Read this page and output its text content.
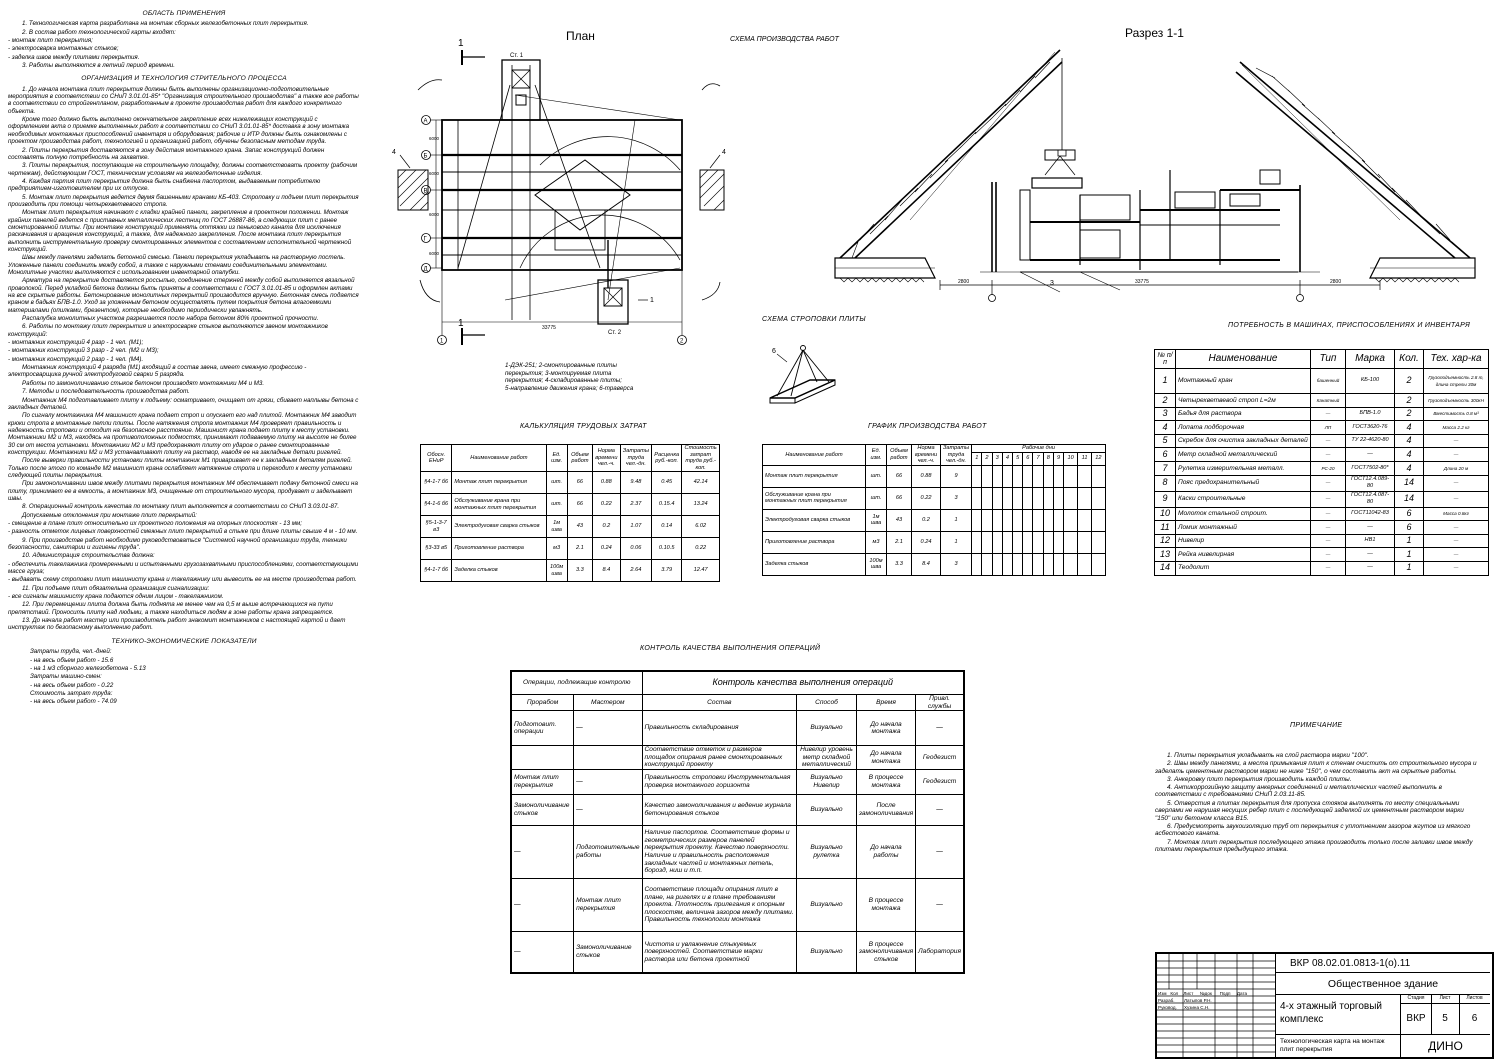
ОБЛАСТЬ ПРИМЕНЕНИЯ
1. Технологическая карта разработана на монтаж сборных железобетонных плит перекрытия.
2. В состав работ технологической карты входят:
- монтаж плит перекрытия;
- электросварка монтажных стыков;
- заделка швов между плитами перекрытия.
3. Работы выполняются в летний период времени.
ОРГАНИЗАЦИЯ И ТЕХНОЛОГИЯ СТРИТЕЛЬНОГО ПРОЦЕССА
1. До начала монтажа плит перекрытия должны быть выполнены организационно-подготовительные мероприятия в соответствии со СНиП 3.01.01-85* "Организация строительного производства" а также все работы в соответствии со стройгенпланом, разработанным в проекте производства работ для каждого конкретного объекта.
Кроме того должно быть выполнено окончательное закрепление всех нижележащих конструкций с оформлением акта о приемке выполненных работ в соответствии со СНиП 3.01.01-85* доставка в зону монтажа необходимых монтажных приспособлений инвентаря и оборудования; рабочие и ИТР должны быть ознакомлены с проектом производства работ, технологией и организацией работ, обучены безопасным методам труда.
2. Плиты перекрытия доставляются в зону действия монтажного крана. Запас конструкций должен составлять полную потребность на захватке.
3. Плиты перекрытия, поступающие на строительную площадку, должны соответствовать проекту (рабочим чертежам), действующим ГОСТ, техническим условиям на железобетонные изделия.
4. Каждая партия плит перекрытия должна быть снабжена паспортом, выдаваемым потребителю предприятием-изготовителем при их отпуске.
5. Монтаж плит перекрытия ведется двумя башенными кранами КБ-403. Строповку и подъем плит перекрытия производить при помощи четырехветвевого стропа.
Монтаж плит перекрытия начинают с кладки крайней панели, закрепление в проектном положении. Монтаж крайних панелей ведется с приставных металлических лестниц по ГОСТ 26887-86, а следующих плит с ранее смонтированной плиты. При монтаже конструкций применять оттяжки из пенькового каната для исключения раскачивания и вращения конструкций, а также, для надежного закрепления. После монтажа плит перекрытия выполнить инструментальную проверку смонтированных элементов с составлением исполнительной чертежной конструкций.
Швы между панелями заделать бетонной смесью. Панели перекрытия укладывать на растворную постель. Уложенные панели соединить между собой, а также с наружными стенами соединительными элементами. Монолитные участки выполняются с использованием инвентарной опалубки.
Арматура на перекрытие доставляется россыпью, соединение стержней между собой выполняется вязальной проволокой. Перед укладкой бетона должны быть приняты в соответствии с ГОСТ 3.01.01-85 и оформлен актами на все скрытые работы. Бетонирование монолитных перекрытий производится вручную. Бетонная смесь подается краном в бадьях БПВ-1.0. Уход за уложенным бетоном осуществлять путем покрытия бетона влагоемкими материалами (опилками, брезентом), которые необходимо периодически увлажнять.
Распалубка монолитных участков разрешается после набора бетоном 80% проектной прочности.
6. Работы по монтажу плит перекрытия и электросварке стыков выполняются звеном монтажников конструкций:
- монтажник конструкций 4 разр - 1 чел. (М1);
- монтажник конструкций 3 разр - 2 чел. (М2 и М3);
- монтажник конструкций 2 разр - 1 чел. (М4).
Монтажник конструкций 4 разряда (М1) входящий в состав звена, имеет смежную профессию - электросварщика ручной электродуговой сварки 5 разряда.
Работы по замоноличиванию стыков бетоном производят монтажники М4 и М3.
7. Методы и последовательность производства работ.
Монтажник М4 подготавливает плиту к подъему: осматривает, очищает от грязи, сбивает наплывы бетона с закладных деталей.
По сигналу монтажника М4 машинист крана подает строп и опускает его над плитой. Монтажник М4 заводит крюки стропа в монтажные петли плиты. После натяжения стропа монтажник М4 проверяет правильность и надежность строповки и отходит на безопасное расстояние. Машинист крана подает плиту к месту установки. Монтажники М2 и М3, находясь на противоположных подмостях, принимают подаваемую плиту на высоте не более 30 см от места установки. Монтажники М2 и М3 предохраняют плиту от ударов о ранее смонтированные конструкции. Монтажники М2 и М3 устанавливают плиту на раствор, наводя ее на закладные детали ригелей.
После выверки правильности установки плиты монтажник М1 приваривает ее к закладным деталям ригелей. Только после этого по команде М2 машинист крана ослабляет натяжение стропа и переходит к месту установки следующей плиты перекрытия.
При замоноличивании швов между плитами перекрытия монтажник М4 обеспечивает подачу бетонной смеси на плиту, принимает ее в емкость, а монтажник М3, очищенные от строительного мусора, продувает и заделывает швы.
8. Операционный контроль качества по монтажу плит выполняется в соответствии со СНиП 3.03.01-87.
Допускаемые отклонения при монтаже плит перекрытий:
- смещение в плане плит относительно их проектного положения на опорных плоскостях - 13 мм;
- разность отметок лицевых поверхностей смежных плит перекрытий в стыке при длине плиты свыше 4 м - 10 мм.
9. При производстве работ необходимо руководствоваться "Системой научной организации труда, техники безопасности, санитарии и гигиены труда".
10. Администрация строительства должна:
- обеспечить такелажника промеренными и испытанными грузозахватными приспособлениями, соответствующими массе груза;
- выдавать схему строповки плит машинисту крана и такелажнику или вывесить ее на месте производства работ.
11. При подъеме плит обязательна организация сигнализации:
- все сигналы машинисту крана подаются одним лицом - такелажником.
12. При перемещении плита должна быть поднята не менее чем на 0,5 м выше встречающихся на пути препятствий. Проносить плиту над людьми, а также находиться людям в зоне работы крана запрещается.
13. До начала работ мастер или производитель работ знакомит монтажников с настоящей картой и дает инструктаж по безопасному выполнению работ.
ТЕХНИКО-ЭКОНОМИЧЕСКИЕ ПОКАЗАТЕЛИ
Затраты труда, чел.-дней:
- на весь объем работ - 15.6
- на 1 м3 сборного железобетона - 5.13
Затраты машино-смен:
- на весь объем работ - 0.22
Стоимость затрат труда:
- на весь объем работ - 74.09
План	СХЕМА ПРОИЗВОДСТВА РАБОТ	Разрез 1-1
1
1
Ст. 1
Ст. 2
4	4
1
А
Б
В
Г
Д
6000
6000
6000
6000
1	2
33775
3
2800	33775	2800
1-ДЭК-251; 2-смонтированные плиты
перекрытия; 3-монтируемая плита
перекрытия; 4-складированные плиты;
5-направление движения крана; 6-траверса
СХЕМА СТРОПОВКИ ПЛИТЫ
6
КАЛЬКУЛЯЦИЯ ТРУДОВЫХ ЗАТРАТ
Обосн. ЕНиР	Наименование работ	Ед. изм.	Объем работ	Норма времени чел.-ч.	Затраты труда чел.-дн.	Расценка руб.-коп.	Стоимость затрат труда руб.-коп.
§4-1-7 б6	Монтаж плит перекрытия	шт.	66	0.88	9.48	0.45	42.14
§4-1-6 б6	Обслуживание крана при монтажных плит перекрытия	шт.	66	0.22	2.37	0.15.4	13.24
§5-1-3-7 в3	Электродуговая сварка стыков	1м шва	43	0.2	1.07	0.14	6.02
§3-33 в5	Приготовление раствора	м3	2.1	0.24	0.06	0.10.5	0.22
§4-1-7 б6	Заделка стыков	100м шва	3.3	8.4	2.64	3.79	12.47
ГРАФИК ПРОИЗВОДСТВА РАБОТ
Наименование работ	Ед. изм.	Объем работ	Норма времени чел.-ч.	Затраты труда чел.-дн.	Рабочие дни											
					1	2	3	4	5	6	7	8	9	10	11	12
Монтаж плит перекрытия	шт.	66	0.88	9												
Обслуживание крана при монтажных плит перекрытия	шт.	66	0.22	3												
Электродуговая сварка стыков	1м шва	43	0.2	1												
Приготовление раствора	м3	2.1	0.24	1												
Заделка стыков	100м шва	3.3	8.4	3												
ПОТРЕБНОСТЬ В МАШИНАХ, ПРИСПОСОБЛЕНИЯХ И ИНВЕНТАРЯ
№ п/п	Наименование	Тип	Марка	Кол.	Тех. хар-ка
1	Монтажный кран	башенный	КБ-100	2	Грузоподъемность 2.8 т, длина стрелы 30м
2	Четырехветвевой строп L=2м	Канатный		2	Грузоподъемность 300кН
3	Бадья для раствора	—	БПВ-1.0	2	Вместимость 0.8 м³
4	Лопата подборочная	ЛП	ГОСТ3620-76	4	Масса 2.2 кг
5	Скребок для очистка закладных деталей	—	ТУ 22-4620-80	4	—
6	Метр складной металлический	—	—	4	—
7	Рулетка измерительная металл.	РС-20	ГОСТ7502-80*	4	Длина 20 м
8	Пояс предохранительный	—	ГОСТ12.4.089-80	14	—
9	Каски строительные	—	ГОСТ12.4.087-80	14	—
10	Молоток стальной строит.	—	ГОСТ11042-83	6	Масса 0.8кг
11	Ломик монтажный	—	—	6	—
12	Нивелир	—	НВ1	1	—
13	Рейка нивелирная	—	—	1	—
14	Теодолит	—	—	1	—
КОНТРОЛЬ КАЧЕСТВА ВЫПОЛНЕНИЯ ОПЕРАЦИЙ
Операции, подлежащие контролю		Контроль качества выполнения операций			
Прорабом	Мастером	Состав	Способ	Время	Привл. службы
Подготовит. операции	—	Правильность складирования	Визуально	До начала монтажа	—
		Соответствие отметок и размеров площадок опирания ранее смонтированных конструкций проекту	Нивелир уровень метр складной металлический	До начала монтажа	Геодезист
Монтаж плит перекрытия	—	Правильность строповки Инструментальная проверка монтажного горизонта	Визуально Нивелир	В процессе монтажа	Геодезист
Замоноличивание стыков	—	Качество замоноличивания и ведение журнала бетонирования стыков	Визуально	После замоноличивания	—
—	Подготовительные работы	Наличие паспортов. Соответствие формы и геометрических размеров панелей перекрытия проекту. Качество поверхности. Наличие и правильность расположения закладных частей и монтажных петель, борозд, ниш и т.п.	Визуально рулетка	До начала работы	—
—	Монтаж плит перекрытия	Соответствие площади опирания плит в плане, на ригелях и в плане требованиям проекта. Плотность прилегания к опорным плоскостям, величина зазоров между плитами. Правильность технологии монтажа	Визуально	В процессе монтажа	—
—	Замоноличивание стыков	Чистота и увлажнение стыкуемых поверхностей. Соответствие марки раствора или бетона проектной	Визуально	В процессе замоноличивания стыков	Лаборатория
ПРИМЕЧАНИЕ
1. Плиты перекрытия укладывать на слой раствора марки "100".
2. Швы между панелями, а места примыкания плит к стенам очистить от строительного мусора и заделать цементным раствором марки не ниже "150", о чем составить акт на скрытые работы.
3. Анкеровку плит перекрытия производить каждой плиты.
4. Антикоррозийную защиту анкерных соединений и металлических частей выполнить в соответствии с требованиями СНиП 2.03.11-85.
5. Отверстия в плитах перекрытия для пропуска стояков выполнять по месту специальными сверлами не нарушая несущих ребер плит с последующей заделкой их цементным раствором марки "150" или бетоном класса В15.
6. Предусмотреть звукоизоляцию труб от перекрытия с уплотнением зазоров жгутов из мягкого асбестового каната.
7. Монтаж плит перекрытия последующего этажа производить только после заливки швов между плитами перекрытия предыдущего этажа.
Изм Кол Лист №док Подп Дата
Разраб.
Руковод.
Латыпов Р.Н.
Хузина С.Н.
ВКР 08.02.01.0813-1(о).11
Общественное здание
4-х этажный торговый комплекс
Технологическая карта на монтаж плит перекрытия
Стадия	Лист	Листов
ВКР	5	6
ДИНО
